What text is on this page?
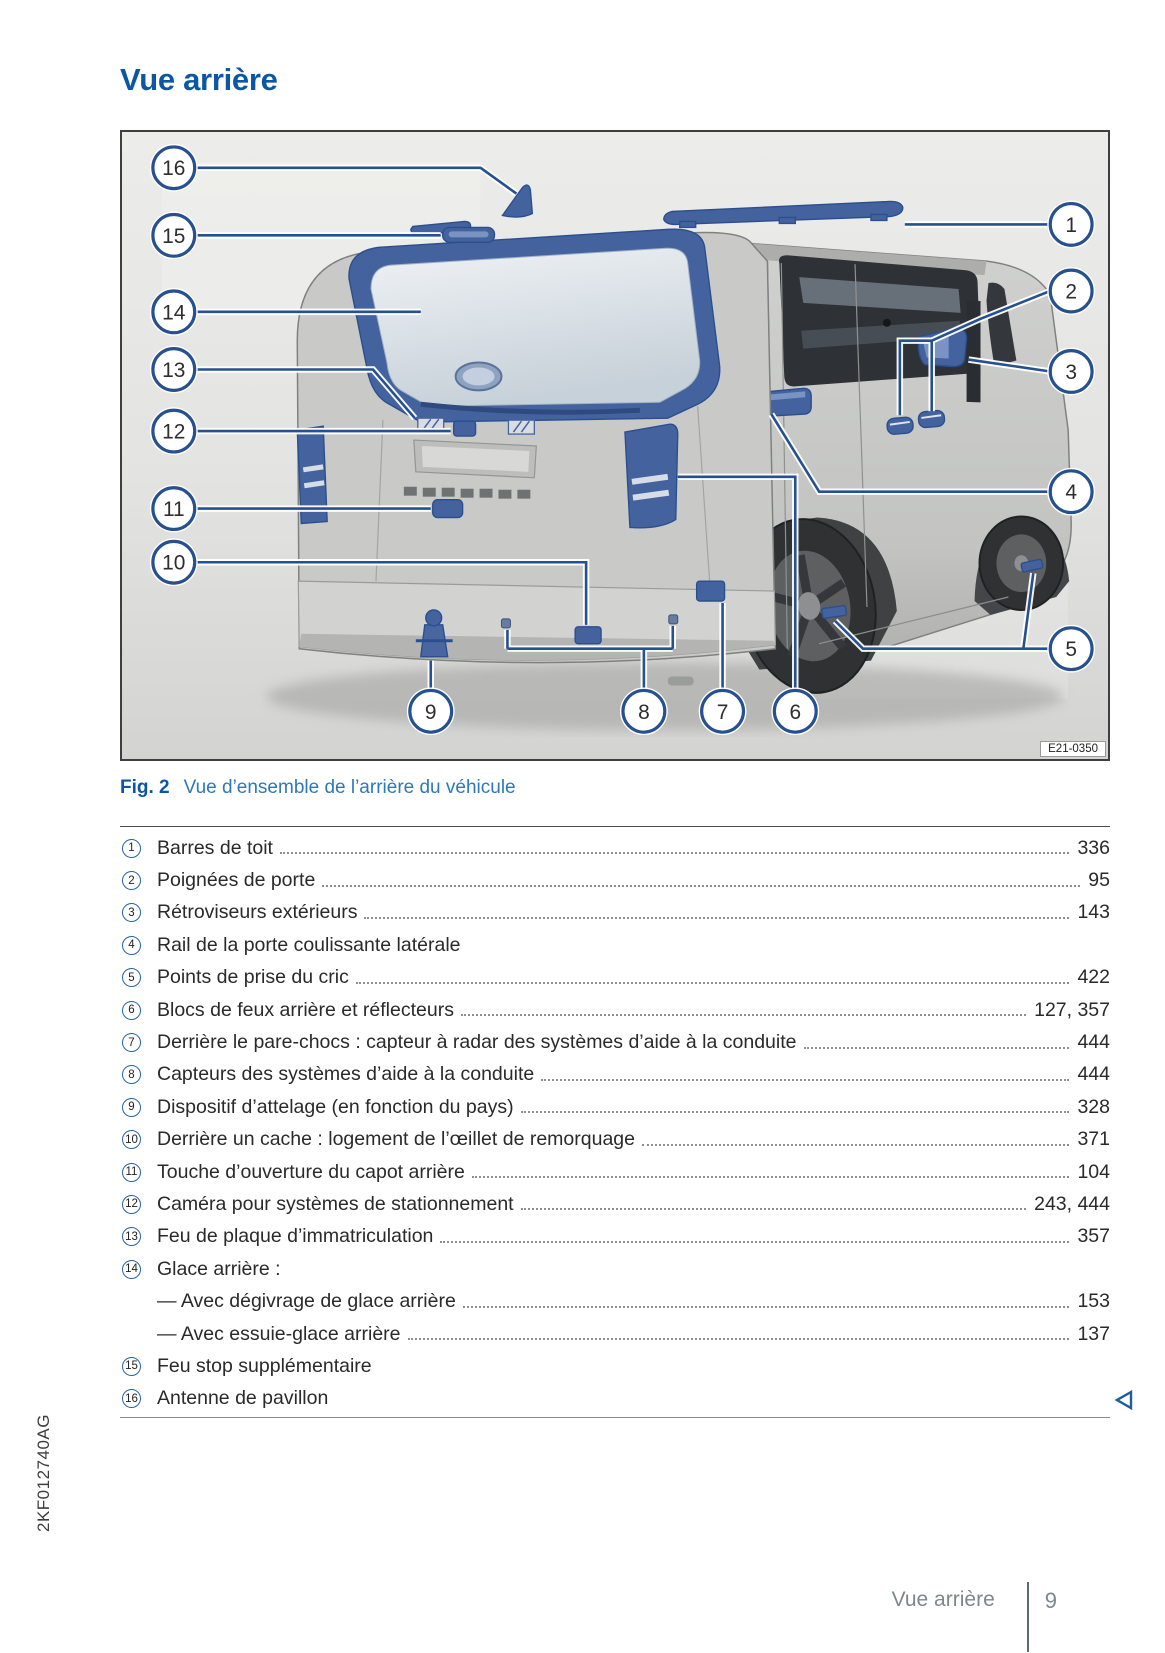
Vue arrière
1
2
3
4
5
6
7
8
9
10
11
12
13
14
15
16
E21-0350
Fig. 2 Vue d’ensemble de l’arrière du véhicule
1	Barres de toit	336
2	Poignées de porte	95
3	Rétroviseurs extérieurs	143
4	Rail de la porte coulissante latérale
5	Points de prise du cric	422
6	Blocs de feux arrière et réflecteurs	127, 357
7	Derrière le pare-chocs : capteur à radar des systèmes d’aide à la conduite	444
8	Capteurs des systèmes d’aide à la conduite	444
9	Dispositif d’attelage (en fonction du pays)	328
10 Derrière un cache : logement de l’œillet de remorquage	371
11 Touche d’ouverture du capot arrière	104
12 Caméra pour systèmes de stationnement	243, 444
13 Feu de plaque d’immatriculation	357
14 Glace arrière :
— Avec dégivrage de glace arrière	153
— Avec essuie-glace arrière	137
15 Feu stop supplémentaire
16 Antenne de pavillon
2KF012740AG
Vue arrière 9
